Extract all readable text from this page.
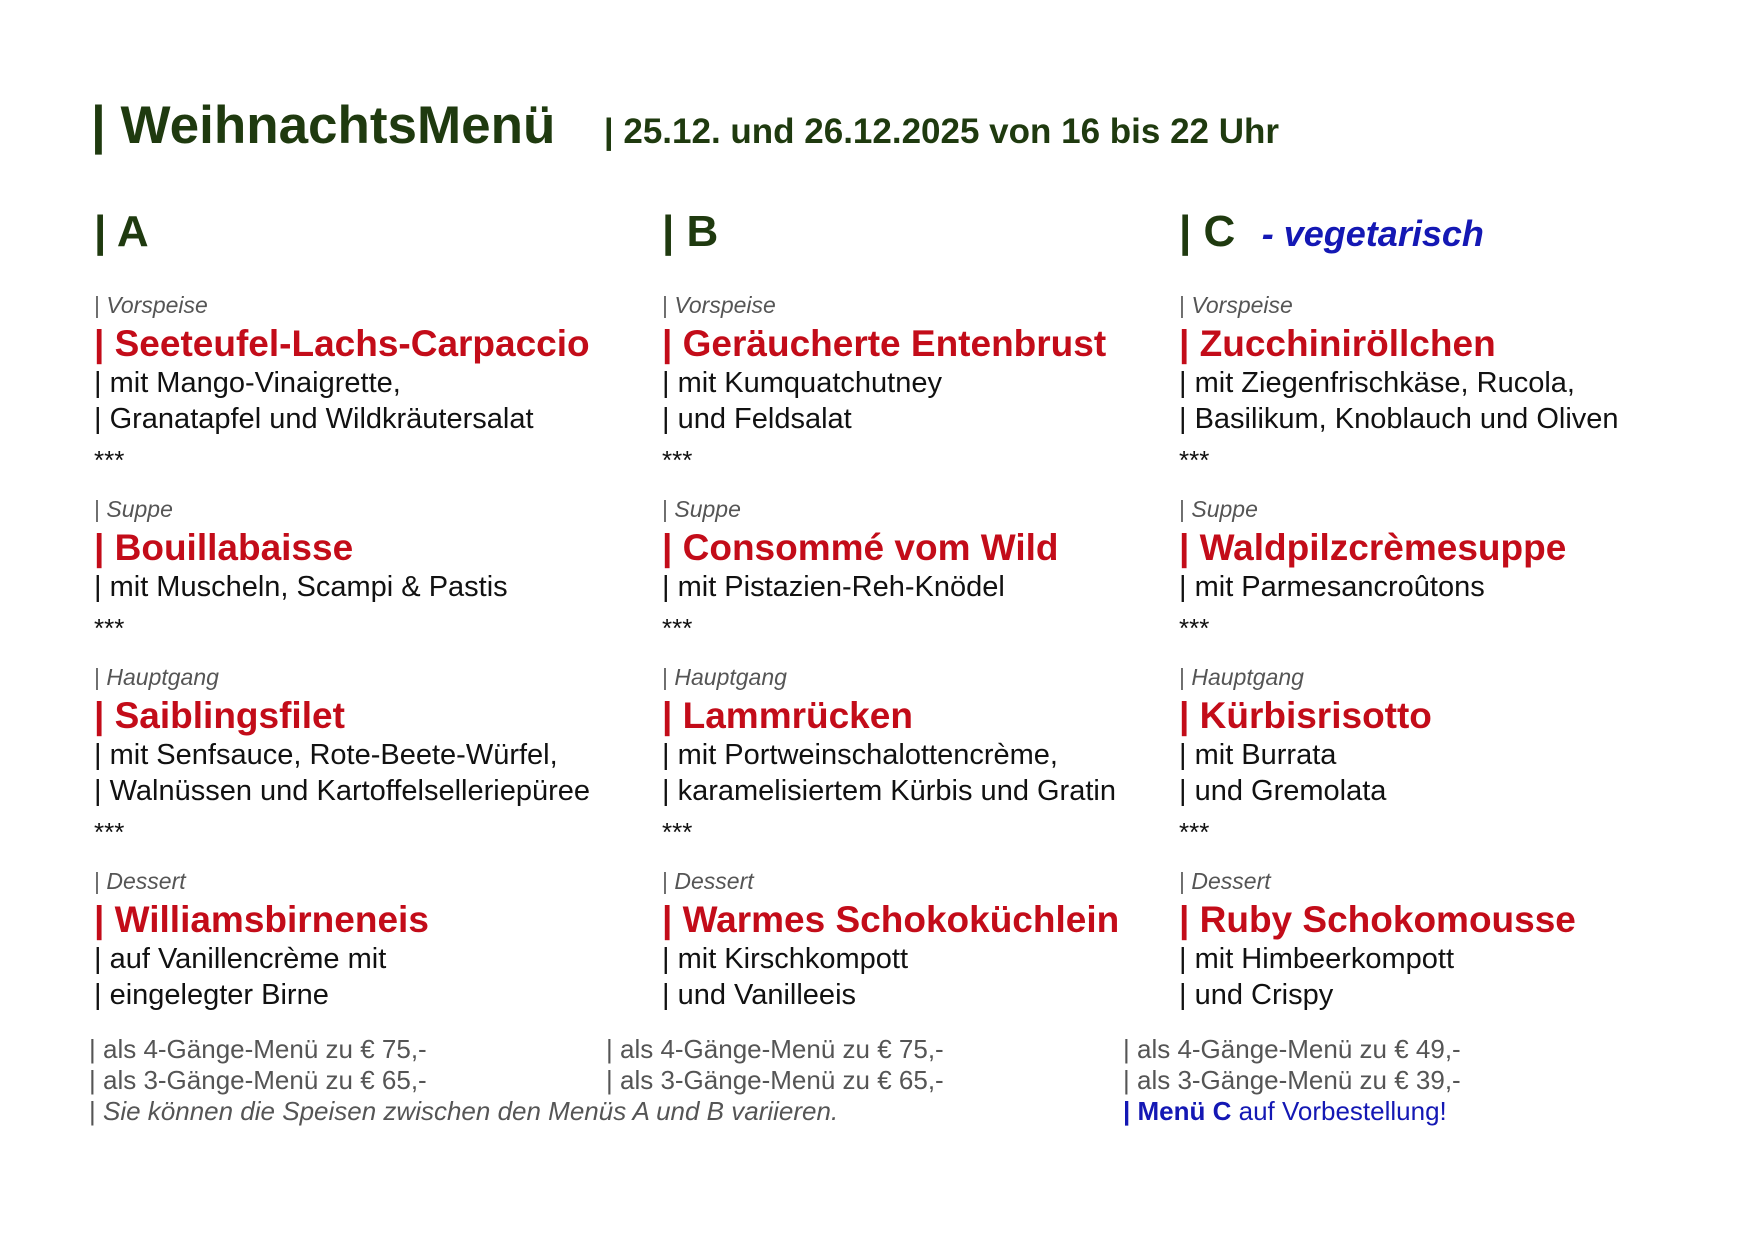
| WeihnachtsMenü | 25.12. und 26.12.2025 von 16 bis 22 Uhr
| A
| Vorspeise
| Seeteufel-Lachs-Carpaccio
| mit Mango-Vinaigrette,
| Granatapfel und Wildkräutersalat
***
| Suppe
| Bouillabaisse
| mit Muscheln, Scampi & Pastis
***
| Hauptgang
| Saiblingsfilet
| mit Senfsauce, Rote-Beete-Würfel,
| Walnüssen und Kartoffelselleriepüree
***
| Dessert
| Williamsbirneneis
| auf Vanillencrème mit
| eingelegter Birne
| B
| Vorspeise
| Geräucherte Entenbrust
| mit Kumquatchutney
| und Feldsalat
***
| Suppe
| Consommé vom Wild
| mit Pistazien-Reh-Knödel
***
| Hauptgang
| Lammrücken
| mit Portweinschalottencrème,
| karamelisiertem Kürbis und Gratin
***
| Dessert
| Warmes Schokoküchlein
| mit Kirschkompott
| und Vanilleeis
| C - vegetarisch
| Vorspeise
| Zucchiniröllchen
| mit Ziegenfrischkäse, Rucola,
| Basilikum, Knoblauch und Oliven
***
| Suppe
| Waldpilzcrèmesuppe
| mit Parmesancroûtons
***
| Hauptgang
| Kürbisrisotto
| mit Burrata
| und Gremolata
***
| Dessert
| Ruby Schokomousse
| mit Himbeerkompott
| und Crispy
| als 4-Gänge-Menü zu € 75,-
| als 3-Gänge-Menü zu € 65,-
| Sie können die Speisen zwischen den Menüs A und B variieren.
| als 4-Gänge-Menü zu € 75,-
| als 3-Gänge-Menü zu € 65,-
| als 4-Gänge-Menü zu € 49,-
| als 3-Gänge-Menü zu € 39,-
| Menü C auf Vorbestellung!
